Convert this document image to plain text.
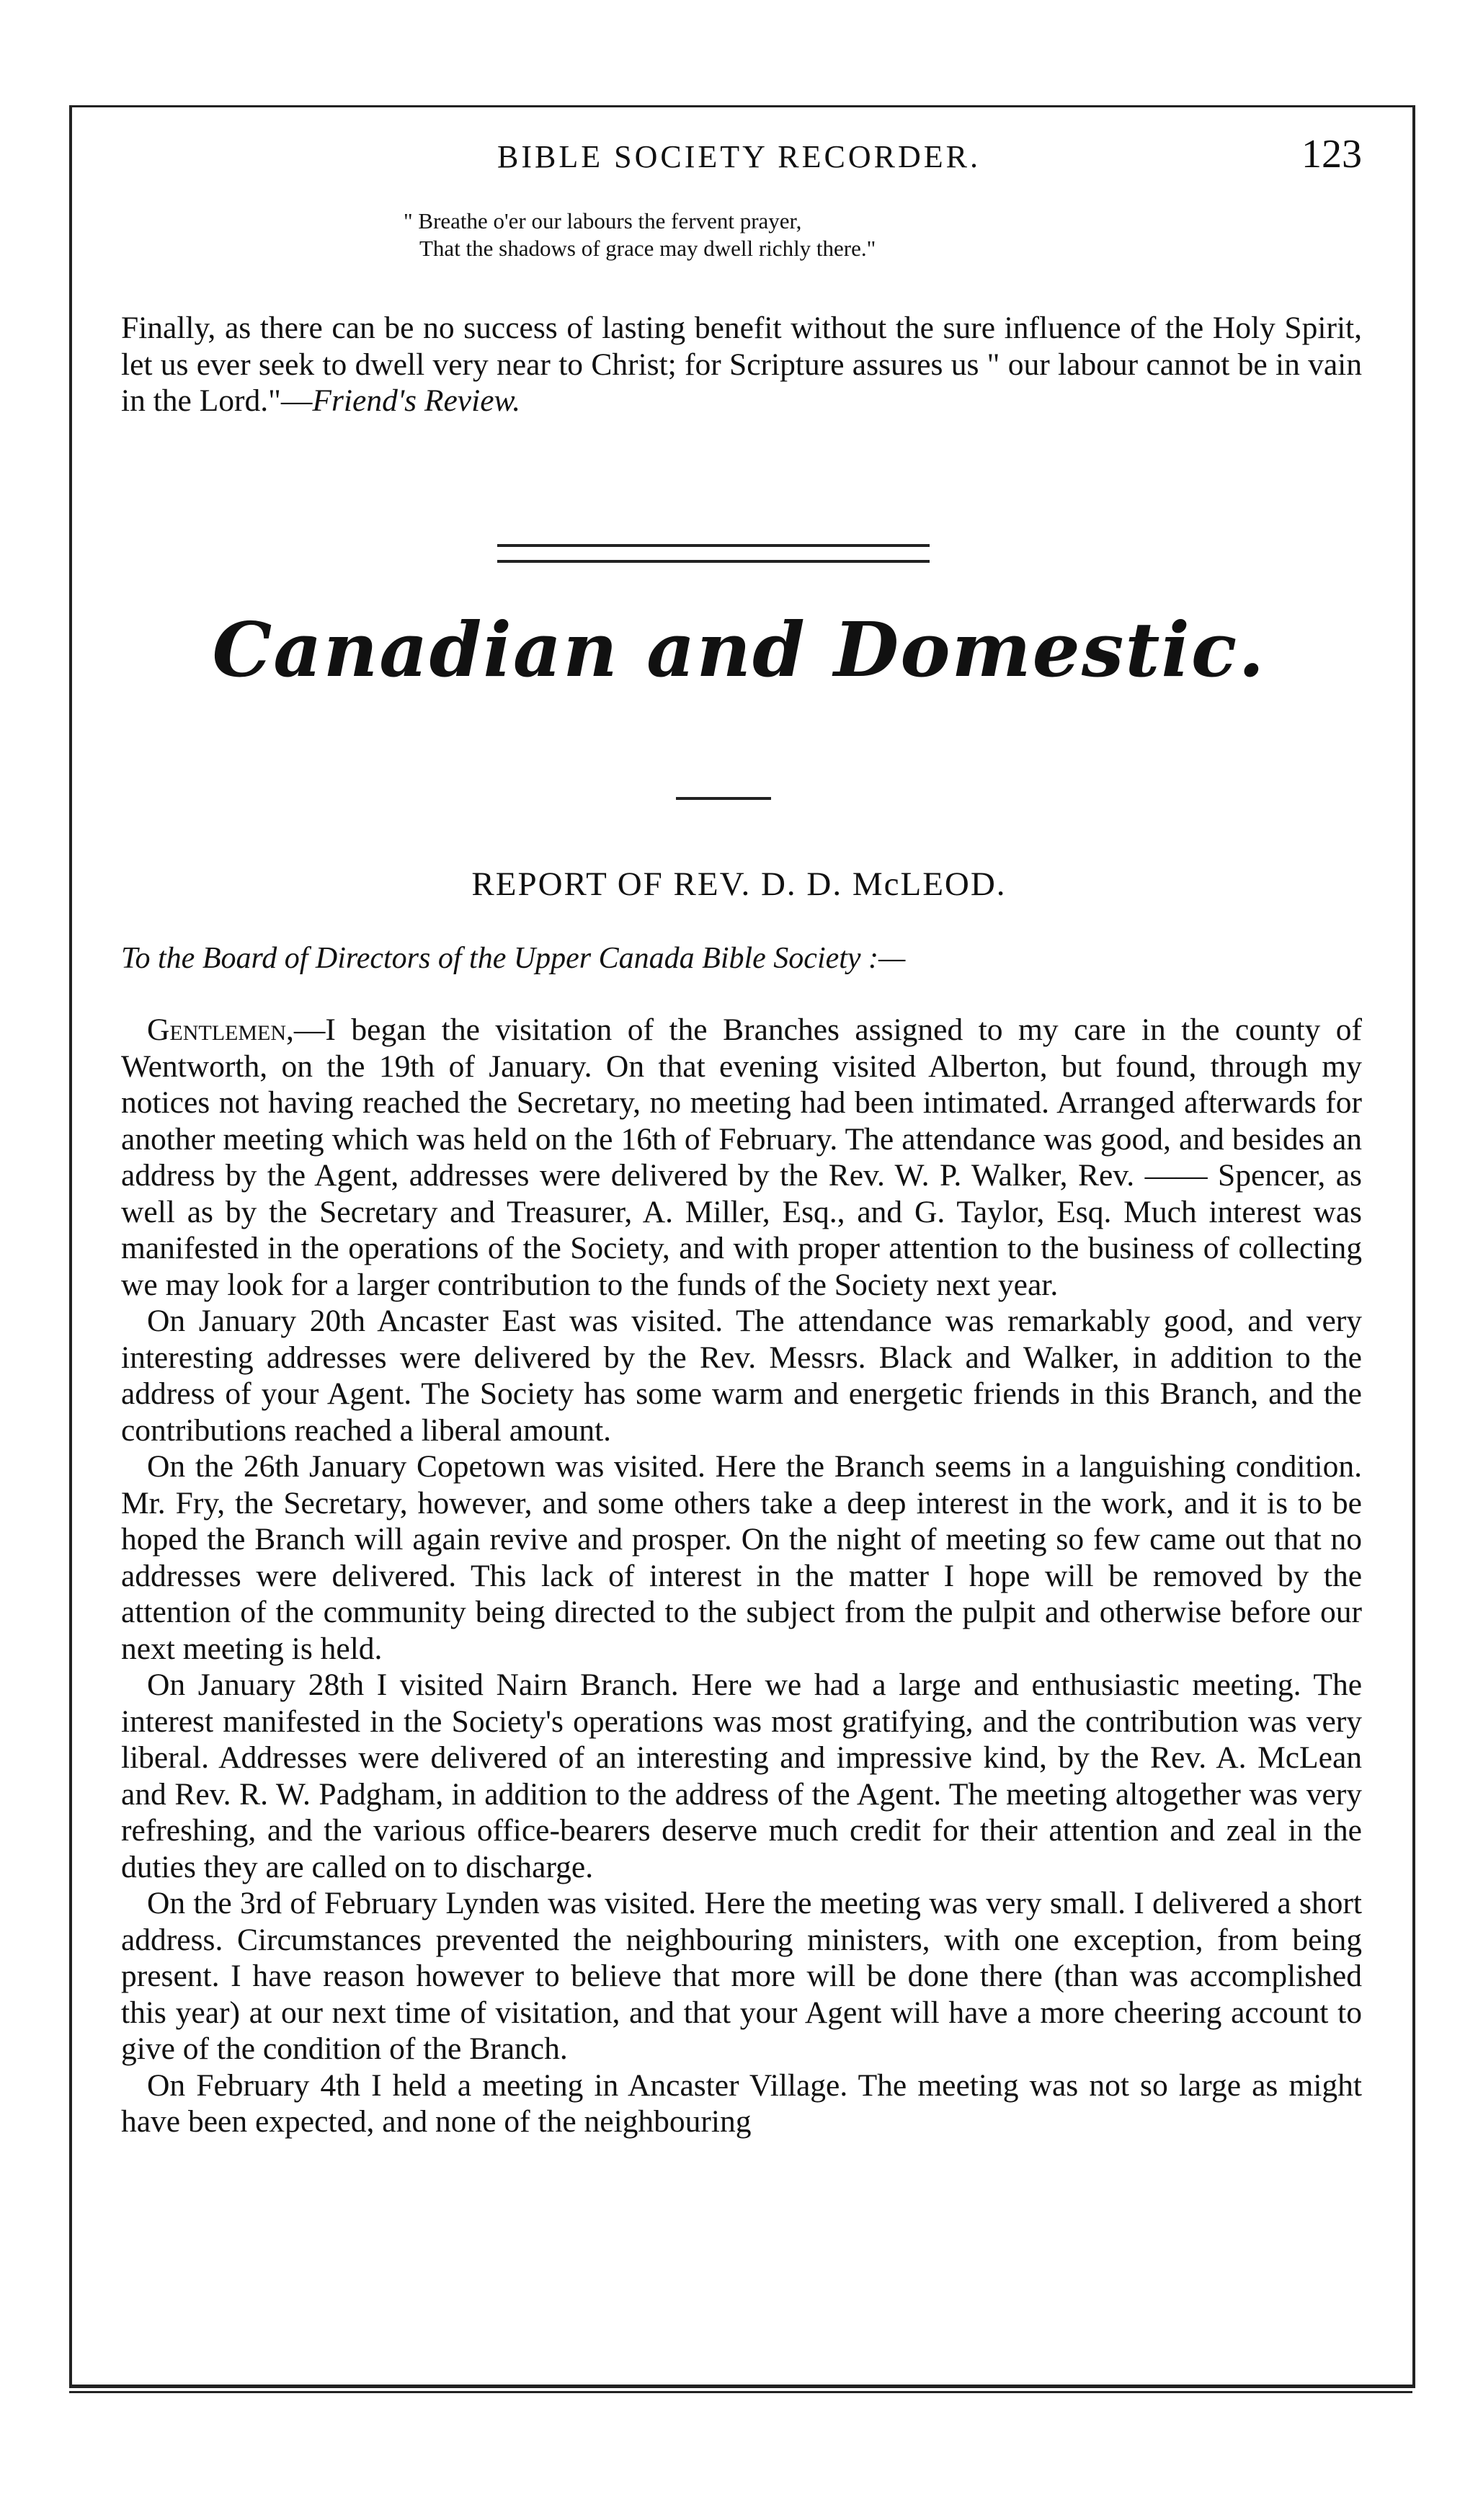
BIBLE SOCIETY RECORDER.	123
" Breathe o'er our labours the fervent prayer,
That the shadows of grace may dwell richly there."

Finally, as there can be no success of lasting benefit without the sure influence of the Holy Spirit, let us ever seek to dwell very near to Christ; for Scripture assures us " our labour cannot be in vain in the Lord."—Friend's Review.

Canadian and Domestic.
REPORT OF REV. D. D. McLEOD.
To the Board of Directors of the Upper Canada Bible Society :—

Gentlemen,—I began the visitation of the Branches assigned to my care in the county of Wentworth, on the 19th of January. On that evening visited Alberton, but found, through my notices not having reached the Secretary, no meeting had been intimated. Arranged afterwards for another meeting which was held on the 16th of February. The attendance was good, and besides an address by the Agent, addresses were delivered by the Rev. W. P. Walker, Rev. —— Spencer, as well as by the Secretary and Treasurer, A. Miller, Esq., and G. Taylor, Esq. Much interest was manifested in the operations of the Society, and with proper attention to the business of collecting we may look for a larger contribution to the funds of the Society next year.

On January 20th Ancaster East was visited. The attendance was remarkably good, and very interesting addresses were delivered by the Rev. Messrs. Black and Walker, in addition to the address of your Agent. The Society has some warm and energetic friends in this Branch, and the contributions reached a liberal amount.

On the 26th January Copetown was visited. Here the Branch seems in a languishing condition. Mr. Fry, the Secretary, however, and some others take a deep interest in the work, and it is to be hoped the Branch will again revive and prosper. On the night of meeting so few came out that no addresses were delivered. This lack of interest in the matter I hope will be removed by the attention of the community being directed to the subject from the pulpit and otherwise before our next meeting is held.

On January 28th I visited Nairn Branch. Here we had a large and enthusiastic meeting. The interest manifested in the Society's operations was most gratifying, and the contribution was very liberal. Addresses were delivered of an interesting and impressive kind, by the Rev. A. McLean and Rev. R. W. Padgham, in addition to the address of the Agent. The meeting altogether was very refreshing, and the various office-bearers deserve much credit for their attention and zeal in the duties they are called on to discharge.

On the 3rd of February Lynden was visited. Here the meeting was very small. I delivered a short address. Circumstances prevented the neighbouring ministers, with one exception, from being present. I have reason however to believe that more will be done there (than was accomplished this year) at our next time of visitation, and that your Agent will have a more cheering account to give of the condition of the Branch.

On February 4th I held a meeting in Ancaster Village. The meeting was not so large as might have been expected, and none of the neighbouring
